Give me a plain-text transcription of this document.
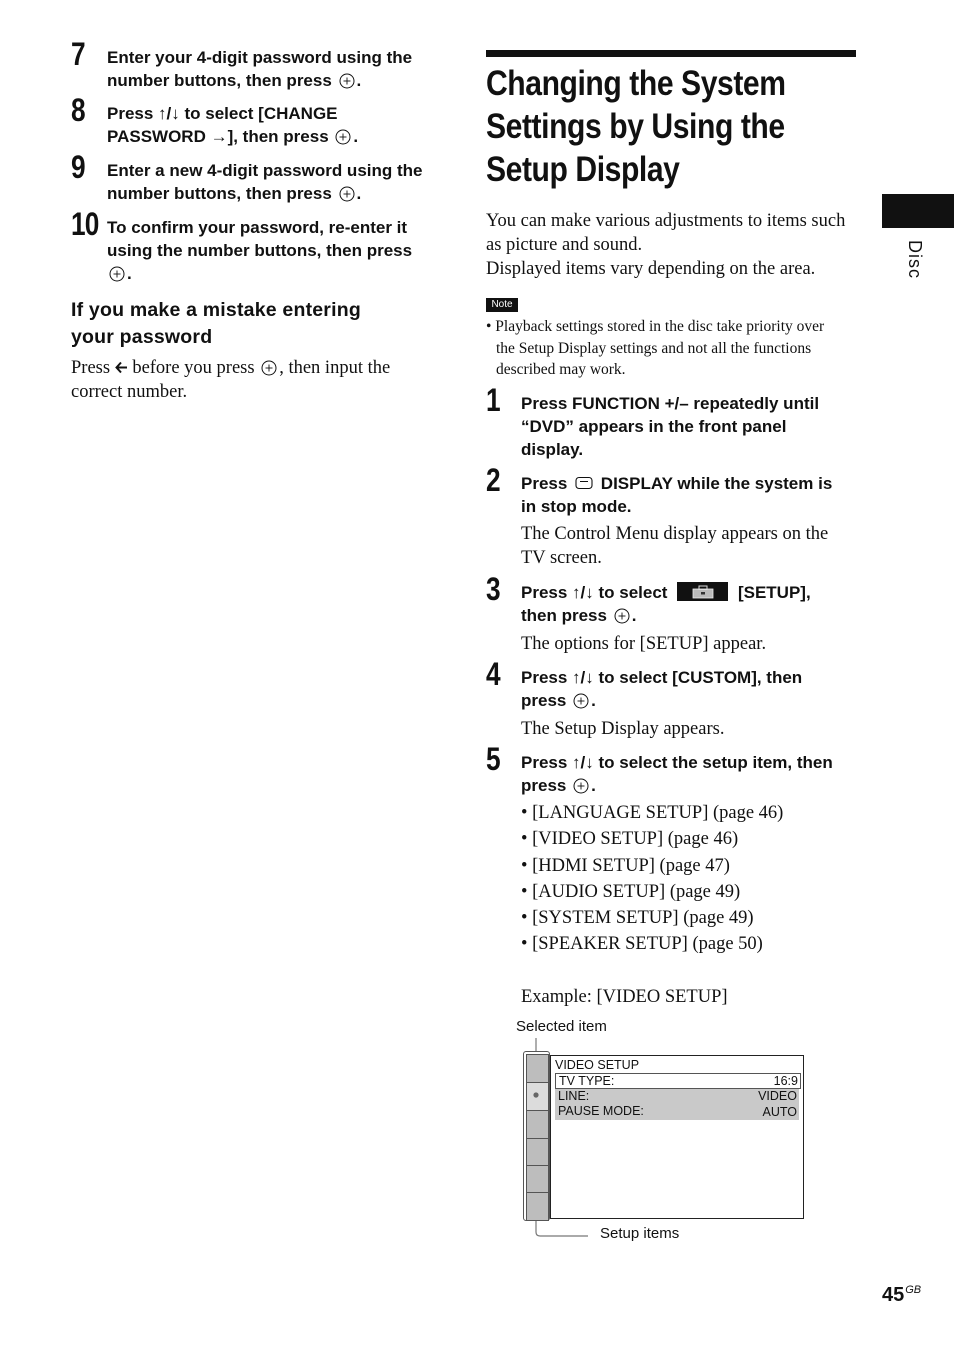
7 Enter your 4-digit password using the
number buttons, then press .
8 Press ↑/↓ to select [CHANGE
PASSWORD →], then press .
9 Enter a new 4-digit password using the
number buttons, then press .
10 To confirm your password, re-enter it
using the number buttons, then press
.
If you make a mistake entering
your password
Press before you press , then input the
correct number.
Changing the System
Settings by Using the
Setup Display
Disc
You can make various adjustments to items such
as picture and sound.
Displayed items vary depending on the area.
Note
• Playback settings stored in the disc take priority over
the Setup Display settings and not all the functions
described may work.
1 Press FUNCTION +/– repeatedly until
“DVD” appears in the front panel
display.
2 Press DISPLAY while the system is
in stop mode.
The Control Menu display appears on the
TV screen.
3 Press ↑/↓ to select	[SETUP],
then press .
The options for [SETUP] appear.
4 Press ↑/↓ to select [CUSTOM], then
press .
The Setup Display appears.
5 Press ↑/↓ to select the setup item, then
press .
• [LANGUAGE SETUP] (page 46)
• [VIDEO SETUP] (page 46)
• [HDMI SETUP] (page 47)
• [AUDIO SETUP] (page 49)
• [SYSTEM SETUP] (page 49)
• [SPEAKER SETUP] (page 50)
Example: [VIDEO SETUP]
Selected item
VIDEO SETUP
TV TYPE:	16:9
LINE:	VIDEO
PAUSE MODE:	AUTO
Setup items
$45^{GB}$
